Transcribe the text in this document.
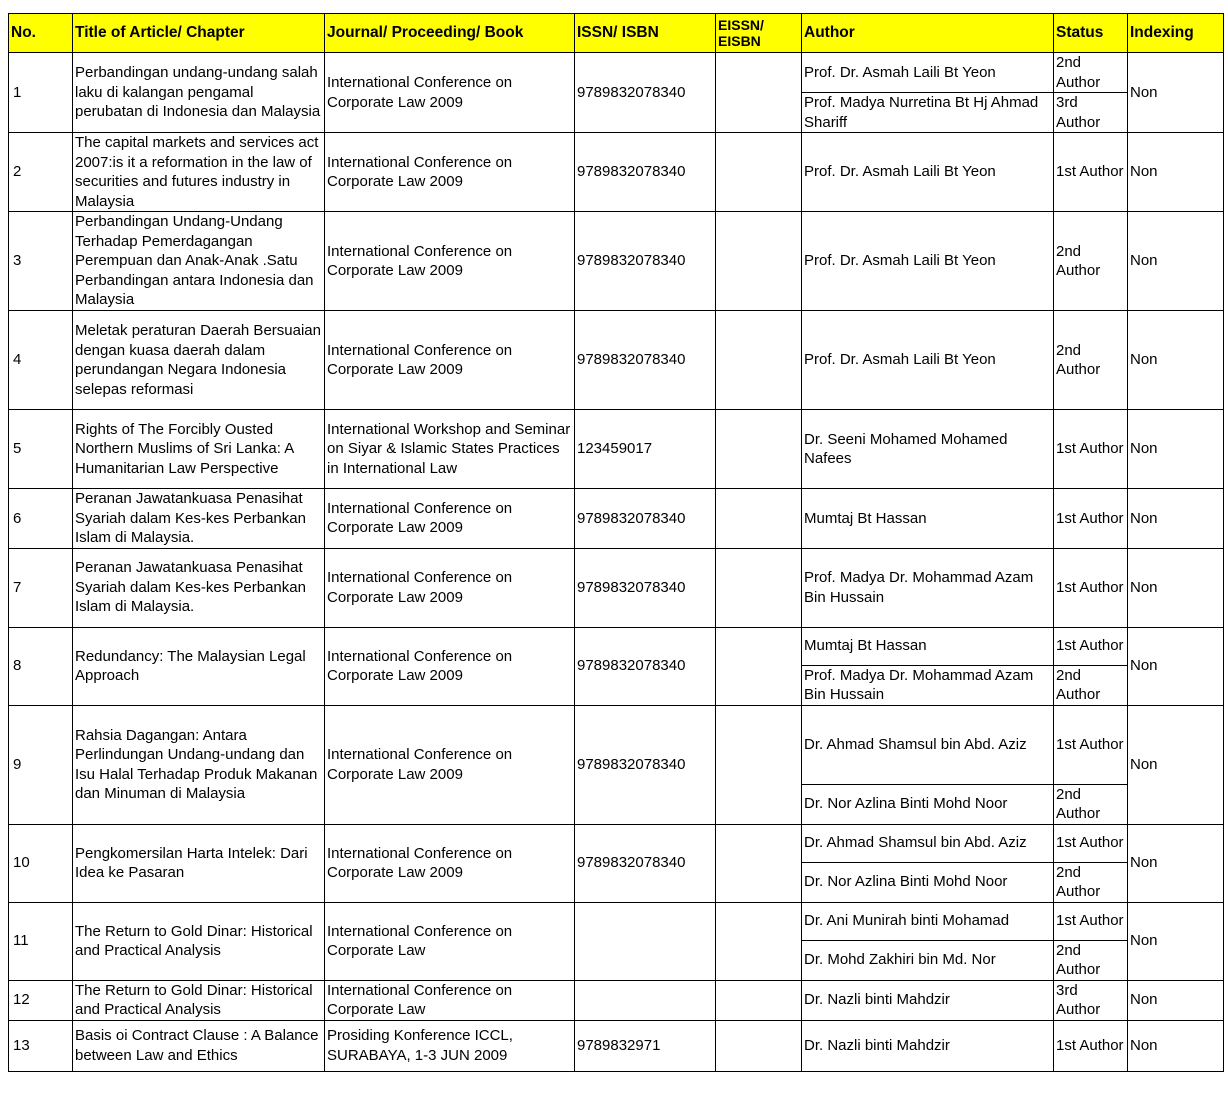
No.	Title of Article/ Chapter	Journal/ Proceeding/ Book	ISSN/ ISBN	EISSN/ EISBN	Author	Status	Indexing
1	Perbandingan undang-undang salah laku di kalangan pengamal perubatan di Indonesia dan Malaysia	International Conference on Corporate Law 2009	9789832078340		Prof. Dr. Asmah Laili Bt Yeon	2nd Author	Non
					Prof. Madya Nurretina Bt Hj Ahmad Shariff	3rd Author	
2	The capital markets and services act 2007:is it a reformation in the law of securities and futures industry in Malaysia	International Conference on Corporate Law 2009	9789832078340		Prof. Dr. Asmah Laili Bt Yeon	1st Author	Non
3	Perbandingan Undang-Undang Terhadap Pemerdagangan Perempuan dan Anak-Anak .Satu Perbandingan antara Indonesia dan Malaysia	International Conference on Corporate Law 2009	9789832078340		Prof. Dr. Asmah Laili Bt Yeon	2nd Author	Non
4	Meletak peraturan Daerah Bersuaian dengan kuasa daerah dalam perundangan Negara Indonesia selepas reformasi	International Conference on Corporate Law 2009	9789832078340		Prof. Dr. Asmah Laili Bt Yeon	2nd Author	Non
5	Rights of The Forcibly Ousted Northern Muslims of Sri Lanka: A Humanitarian Law Perspective	International Workshop and Seminar on Siyar & Islamic States Practices in International Law	123459017		Dr. Seeni Mohamed Mohamed Nafees	1st Author	Non
6	Peranan Jawatankuasa Penasihat Syariah dalam Kes-kes Perbankan Islam di Malaysia.	International Conference on Corporate Law 2009	9789832078340		Mumtaj Bt Hassan	1st Author	Non
7	Peranan Jawatankuasa Penasihat Syariah dalam Kes-kes Perbankan Islam di Malaysia.	International Conference on Corporate Law 2009	9789832078340		Prof. Madya Dr. Mohammad Azam Bin Hussain	1st Author	Non
8	Redundancy: The Malaysian Legal Approach	International Conference on Corporate Law 2009	9789832078340		Mumtaj Bt Hassan	1st Author	Non
					Prof. Madya Dr. Mohammad Azam Bin Hussain	2nd Author	
9	Rahsia Dagangan: Antara Perlindungan Undang-undang dan Isu Halal Terhadap Produk Makanan dan Minuman di Malaysia	International Conference on Corporate Law 2009	9789832078340		Dr. Ahmad Shamsul bin Abd. Aziz	1st Author	Non
					Dr. Nor Azlina Binti Mohd Noor	2nd Author	
10	Pengkomersilan Harta Intelek: Dari Idea ke Pasaran	International Conference on Corporate Law 2009	9789832078340		Dr. Ahmad Shamsul bin Abd. Aziz	1st Author	Non
					Dr. Nor Azlina Binti Mohd Noor	2nd Author	
11	The Return to Gold Dinar: Historical and Practical Analysis	International Conference on Corporate Law			Dr. Ani Munirah binti Mohamad	1st Author	Non
					Dr. Mohd Zakhiri bin Md. Nor	2nd Author	
12	The Return to Gold Dinar: Historical and Practical Analysis	International Conference on Corporate Law			Dr. Nazli binti Mahdzir	3rd Author	Non
13	Basis oi Contract Clause : A Balance between Law and Ethics	Prosiding Konference ICCL, SURABAYA, 1-3 JUN 2009	9789832971		Dr. Nazli binti Mahdzir	1st Author	Non
